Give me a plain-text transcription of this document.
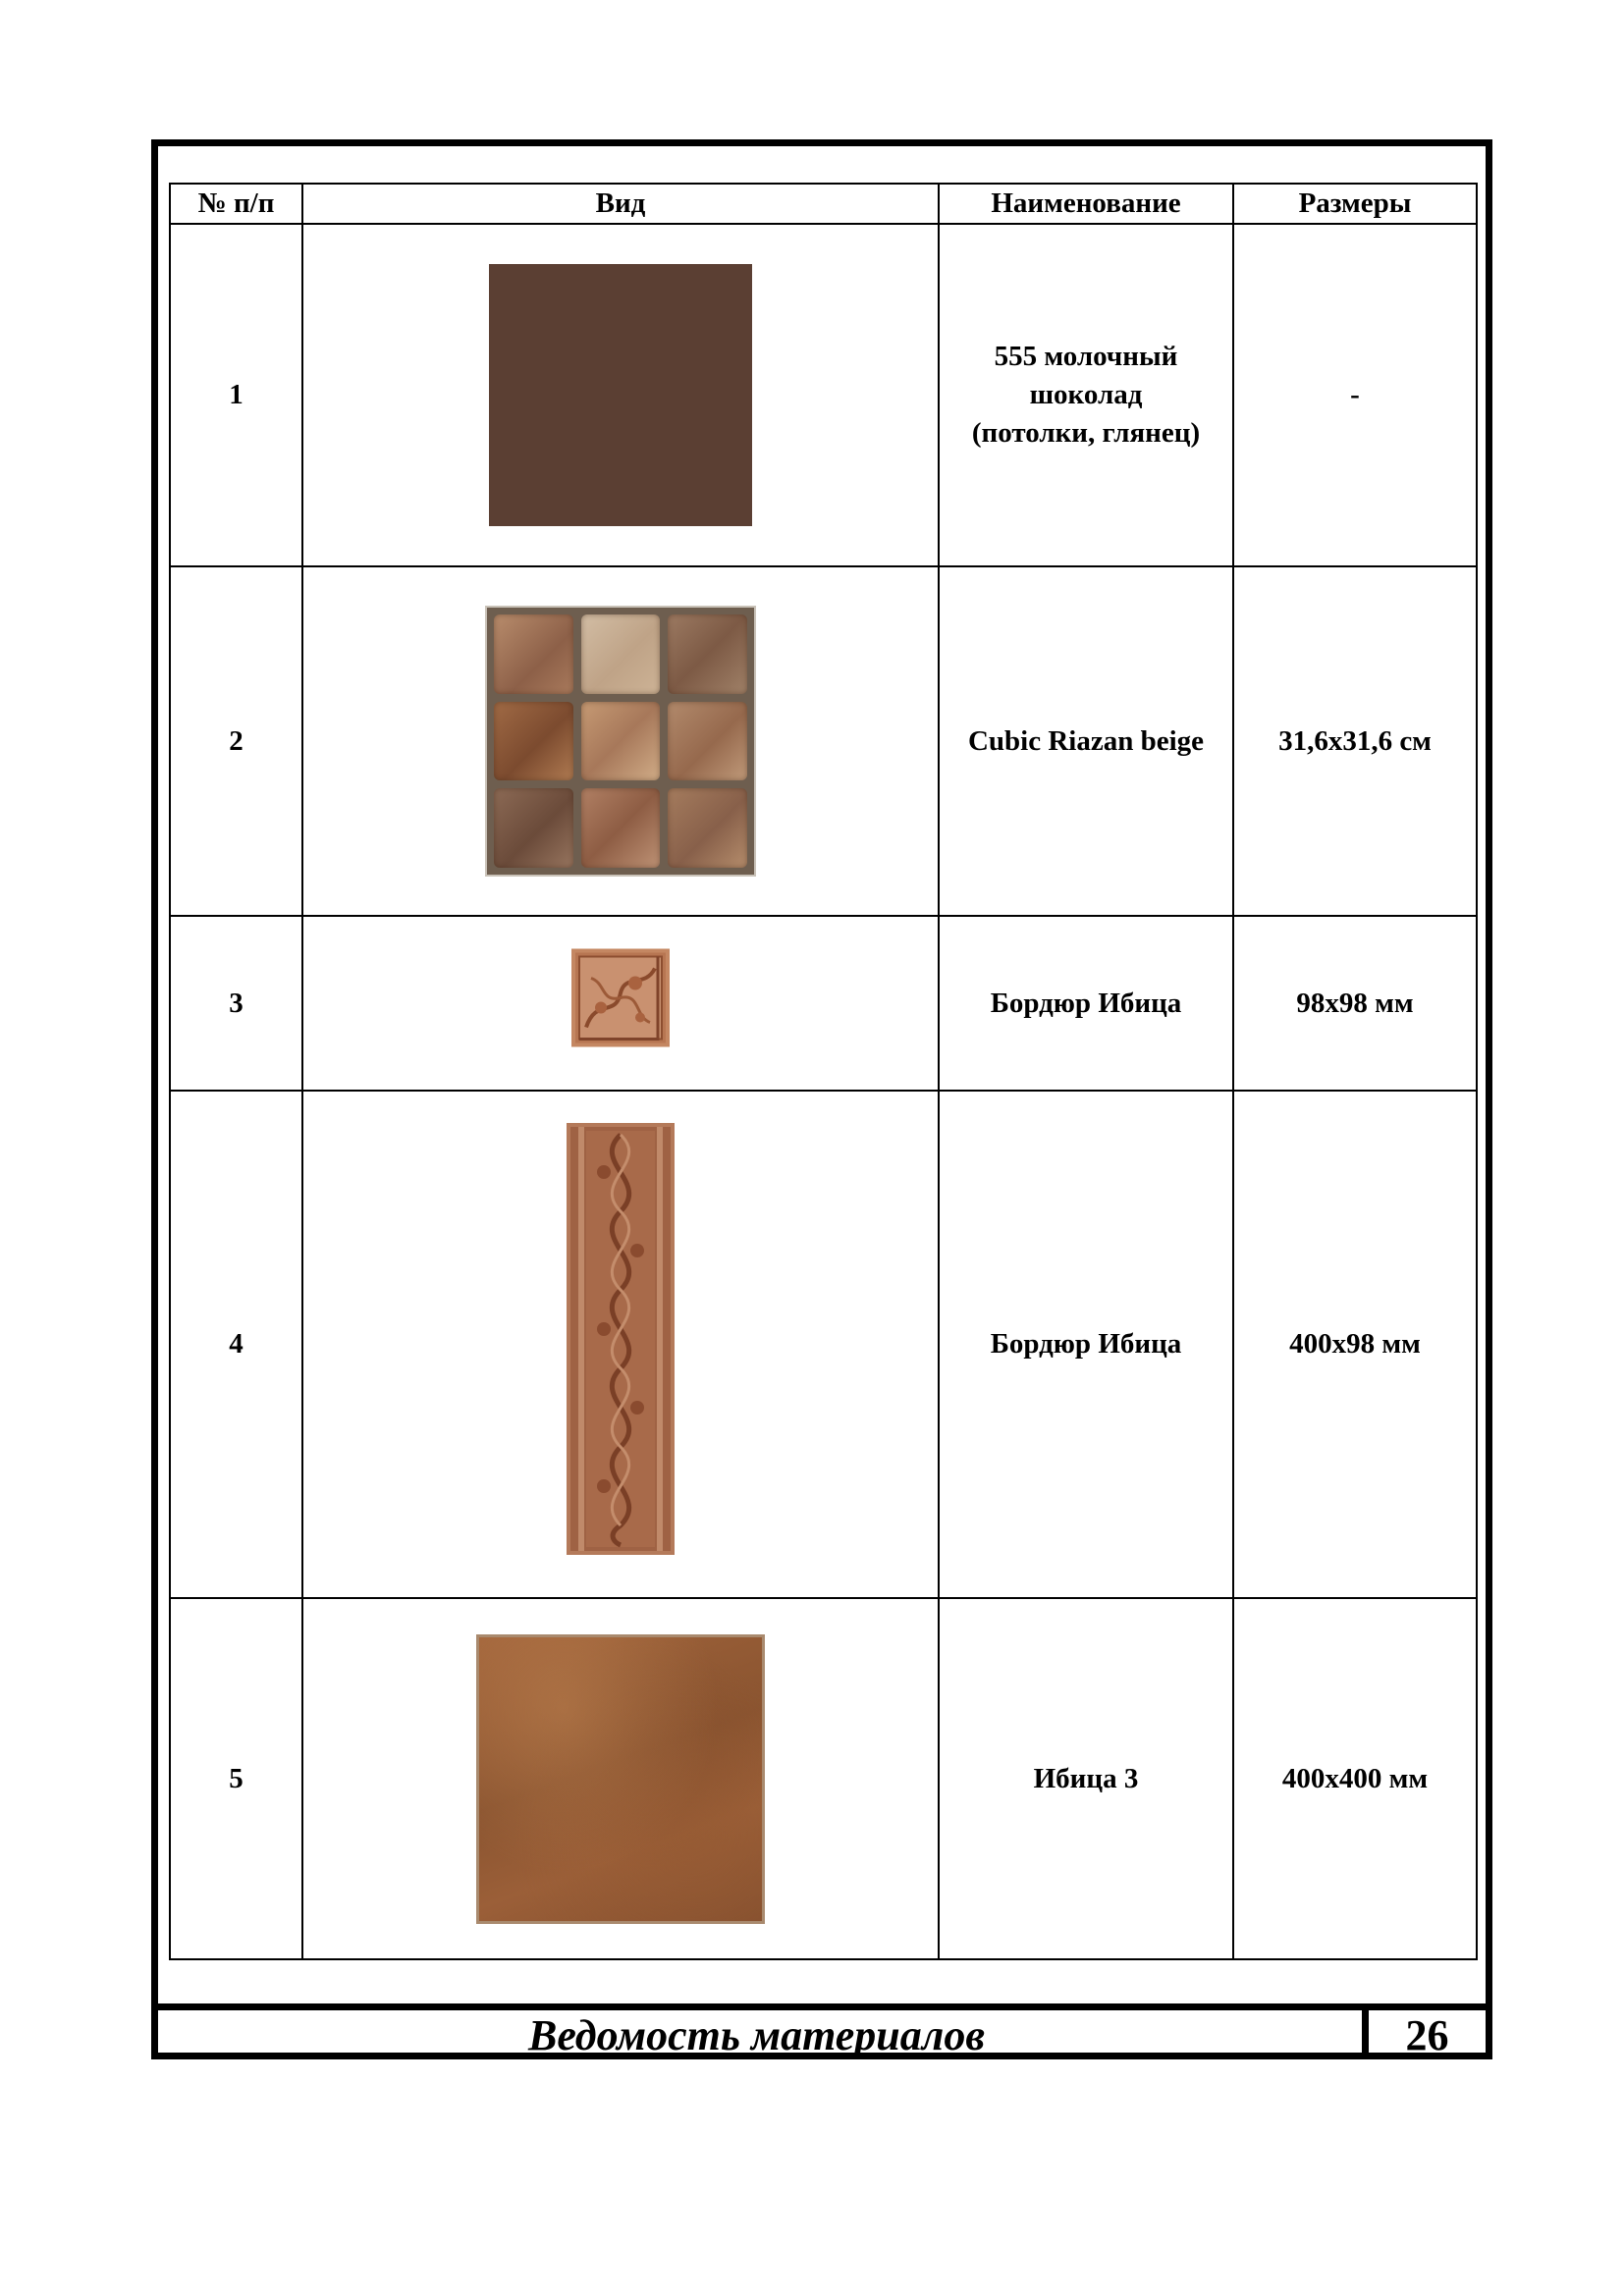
№ п/п	Вид	Наименование	Размеры
1		555 молочный
шоколад
(потолки, глянец)	-
2		Cubic Riazan beige	31,6х31,6 см
3		Бордюр Ибица	98х98 мм
4		Бордюр Ибица	400х98 мм
5		Ибица 3	400х400 мм
Ведомость материалов	26
